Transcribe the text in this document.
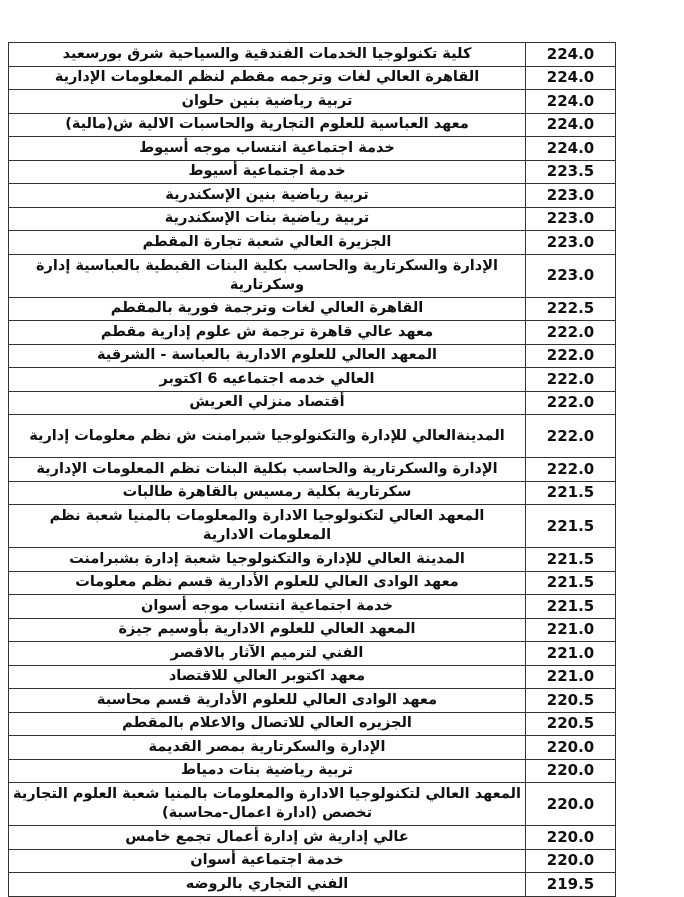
كلية تكنولوجيا الخدمات الفندقية والسياحية شرق بورسعيد	224.0
القاهرة العالي لغات وترجمه مقطم لنظم المعلومات الإدارية	224.0
تربية رياضية بنين حلوان	224.0
معهد العباسية للعلوم التجارية والحاسبات الالية ش(مالية)	224.0
خدمة اجتماعية انتساب موجه أسيوط	224.0
خدمة اجتماعية أسيوط	223.5
تربية رياضية بنين الإسكندرية	223.0
تربية رياضية بنات الإسكندرية	223.0
الجزيرة العالي شعبة تجارة المقطم	223.0
الإدارة والسكرتارية والحاسب بكلية البنات القبطية بالعباسية إدارة وسكرتارية	223.0
القاهرة العالي لغات وترجمة فورية بالمقطم	222.5
معهد عالي قاهرة ترجمة ش علوم إدارية مقطم	222.0
المعهد العالي للعلوم الادارية بالعباسة - الشرقية	222.0
العالي خدمه اجتماعيه 6 اكتوبر	222.0
أقتصاد منزلي العريش	222.0
المدينةالعالي للإدارة والتكنولوجيا شبرامنت ش نظم معلومات إدارية	222.0
الإدارة والسكرتارية والحاسب بكلية البنات نظم المعلومات الإدارية	222.0
سكرتارية بكلية رمسيس بالقاهرة طالبات	221.5
المعهد العالي لتكنولوجيا الادارة والمعلومات بالمنيا شعبة نظم المعلومات الادارية	221.5
المدينة العالي للإدارة والتكنولوجيا شعبة إدارة بشبرامنت	221.5
معهد الوادى العالي للعلوم الأدارية قسم نظم معلومات	221.5
خدمة اجتماعية انتساب موجه أسوان	221.5
المعهد العالي للعلوم الادارية بأوسيم جيزة	221.0
الفني لترميم الآثار بالاقصر	221.0
معهد اكتوبر العالي للاقتصاد	221.0
معهد الوادى العالي للعلوم الأدارية قسم محاسبة	220.5
الجزيره العالي للاتصال والاعلام بالمقطم	220.5
الإدارة والسكرتارية بمصر القديمة	220.0
تربية رياضية بنات دمياط	220.0
المعهد العالي لتكنولوجيا الادارة والمعلومات بالمنيا شعبة العلوم التجارية تخصص (ادارة اعمال-محاسبة)	220.0
عالي إدارية ش إدارة أعمال تجمع خامس	220.0
خدمة اجتماعية أسوان	220.0
الفني التجاري بالروضه	219.5
